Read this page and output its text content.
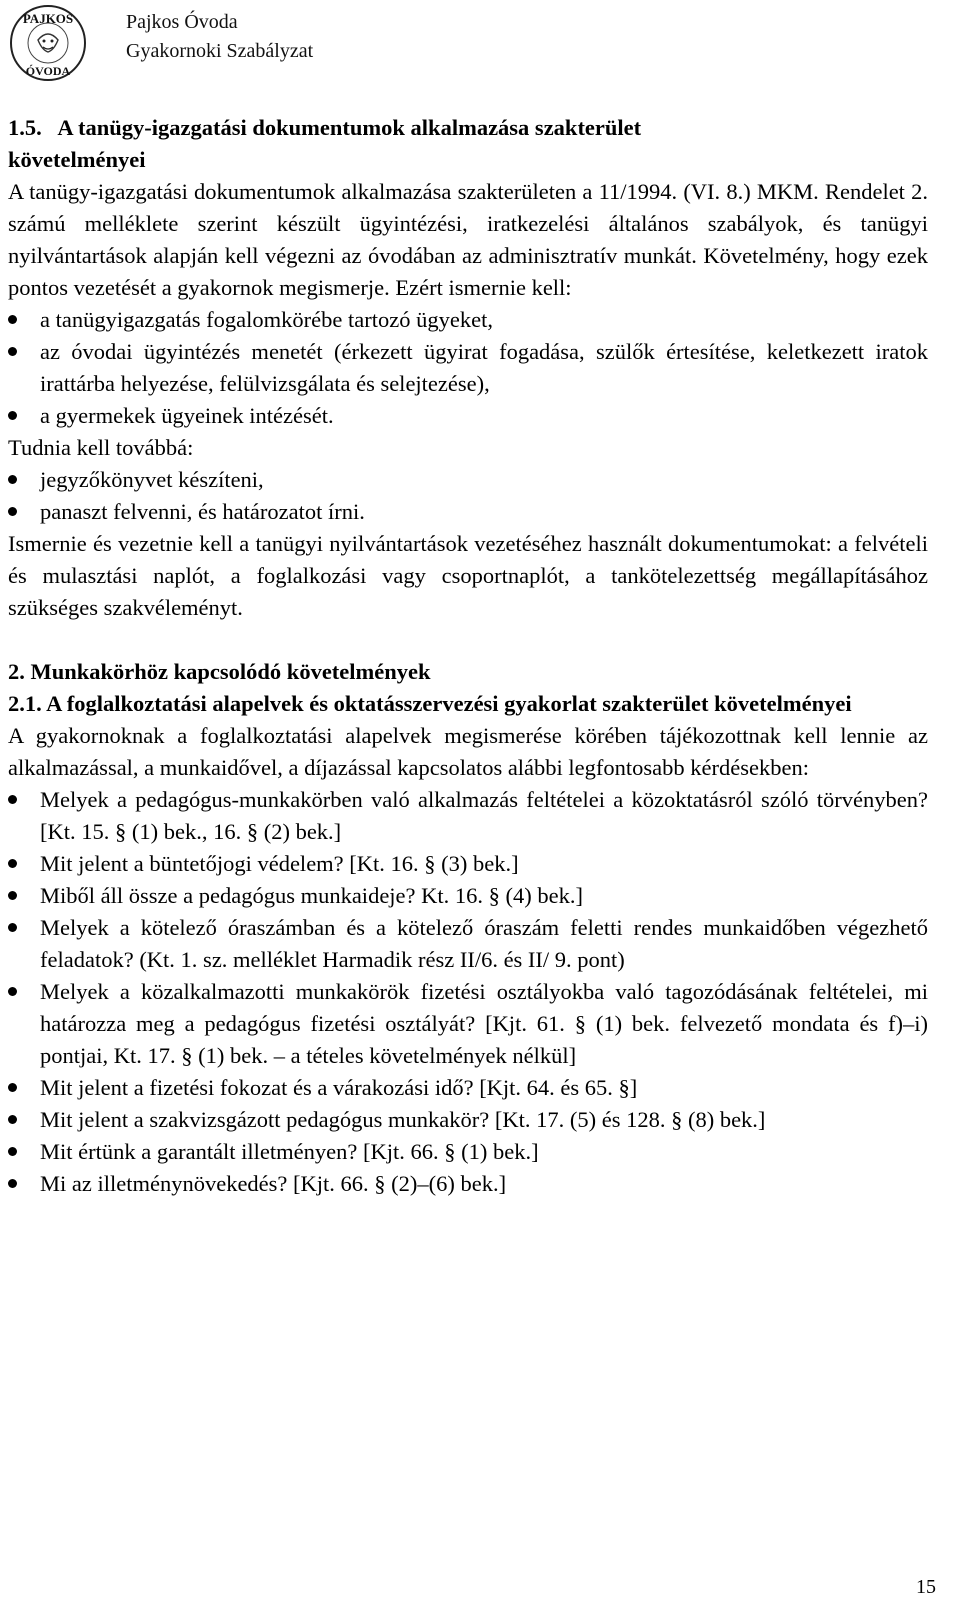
PAJKOS
ÓVODA
Pajkos Óvoda
Gyakornoki Szabályzat

1.5.   A tanügy-igazgatási dokumentumok alkalmazása szakterület

követelményei

A tanügy-igazgatási dokumentumok alkalmazása szakterületen a 11/1994. (VI. 8.) MKM. Rendelet 2. számú melléklete szerint készült ügyintézési, iratkezelési általános szabályok, és tanügyi nyilvántartások alapján kell végezni az óvodában az adminisztratív munkát. Követelmény, hogy ezek pontos vezetését a gyakornok megismerje. Ezért ismernie kell:

a tanügyigazgatás fogalomkörébe tartozó ügyeket,
az óvodai ügyintézés menetét (érkezett ügyirat fogadása, szülők értesítése, keletkezett iratok irattárba helyezése, felülvizsgálata és selejtezése),
a gyermekek ügyeinek intézését.

Tudnia kell továbbá:

jegyzőkönyvet készíteni,
panaszt felvenni, és határozatot írni.

Ismernie és vezetnie kell a tanügyi nyilvántartások vezetéséhez használt dokumentumokat: a felvételi és mulasztási naplót, a foglalkozási vagy csoportnaplót, a tankötelezettség megállapításához szükséges szakvéleményt.

2. Munkakörhöz kapcsolódó követelmények

2.1. A foglalkoztatási alapelvek és oktatásszervezési gyakorlat szakterület követelményei

A gyakornoknak a foglalkoztatási alapelvek megismerése körében tájékozottnak kell lennie az alkalmazással, a munkaidővel, a díjazással kapcsolatos alábbi legfontosabb kérdésekben:

Melyek a pedagógus-munkakörben való alkalmazás feltételei a közoktatásról szóló törvényben? [Kt. 15. § (1) bek., 16. § (2) bek.]
Mit jelent a büntetőjogi védelem? [Kt. 16. § (3) bek.]
Miből áll össze a pedagógus munkaideje? Kt. 16. § (4) bek.]
Melyek a kötelező óraszámban és a kötelező óraszám feletti rendes munkaidőben végezhető feladatok? (Kt. 1. sz. melléklet Harmadik rész II/6. és II/ 9. pont)
Melyek a közalkalmazotti munkakörök fizetési osztályokba való tagozódásának feltételei, mi határozza meg a pedagógus fizetési osztályát? [Kjt. 61. § (1) bek. felvezető mondata és f)–i) pontjai, Kt. 17. § (1) bek. – a tételes követelmények nélkül]
Mit jelent a fizetési fokozat és a várakozási idő? [Kjt. 64. és 65. §]
Mit jelent a szakvizsgázott pedagógus munkakör? [Kt. 17. (5) és 128. § (8) bek.]
Mit értünk a garantált illetményen? [Kjt. 66. § (1) bek.]
Mi az illetménynövekedés? [Kjt. 66. § (2)–(6) bek.]
15
